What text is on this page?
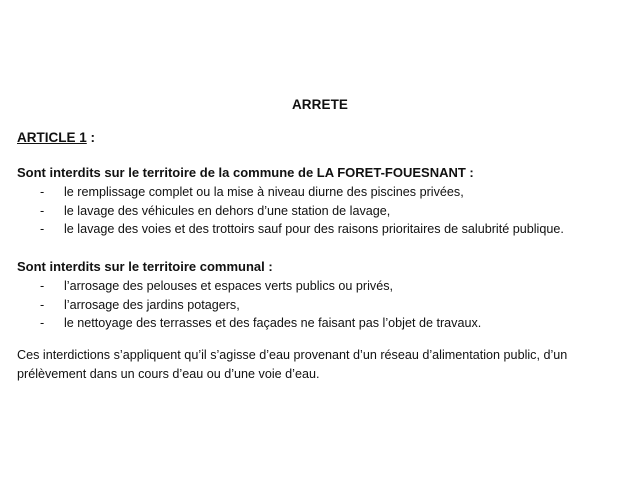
ARRETE
ARTICLE 1 :
Sont interdits sur le territoire de la commune de LA FORET-FOUESNANT :
- le remplissage complet ou la mise à niveau diurne des piscines privées,
- le lavage des véhicules en dehors d’une station de lavage,
- le lavage des voies et des trottoirs sauf pour des raisons prioritaires de salubrité publique.
Sont interdits sur le territoire communal :
- l’arrosage des pelouses et espaces verts publics ou privés,
- l’arrosage des jardins potagers,
- le nettoyage des terrasses et des façades ne faisant pas l’objet de travaux.
Ces interdictions s’appliquent qu’il s’agisse d’eau provenant d’un réseau d’alimentation public, d’un
prélèvement dans un cours d’eau ou d’une voie d’eau.
